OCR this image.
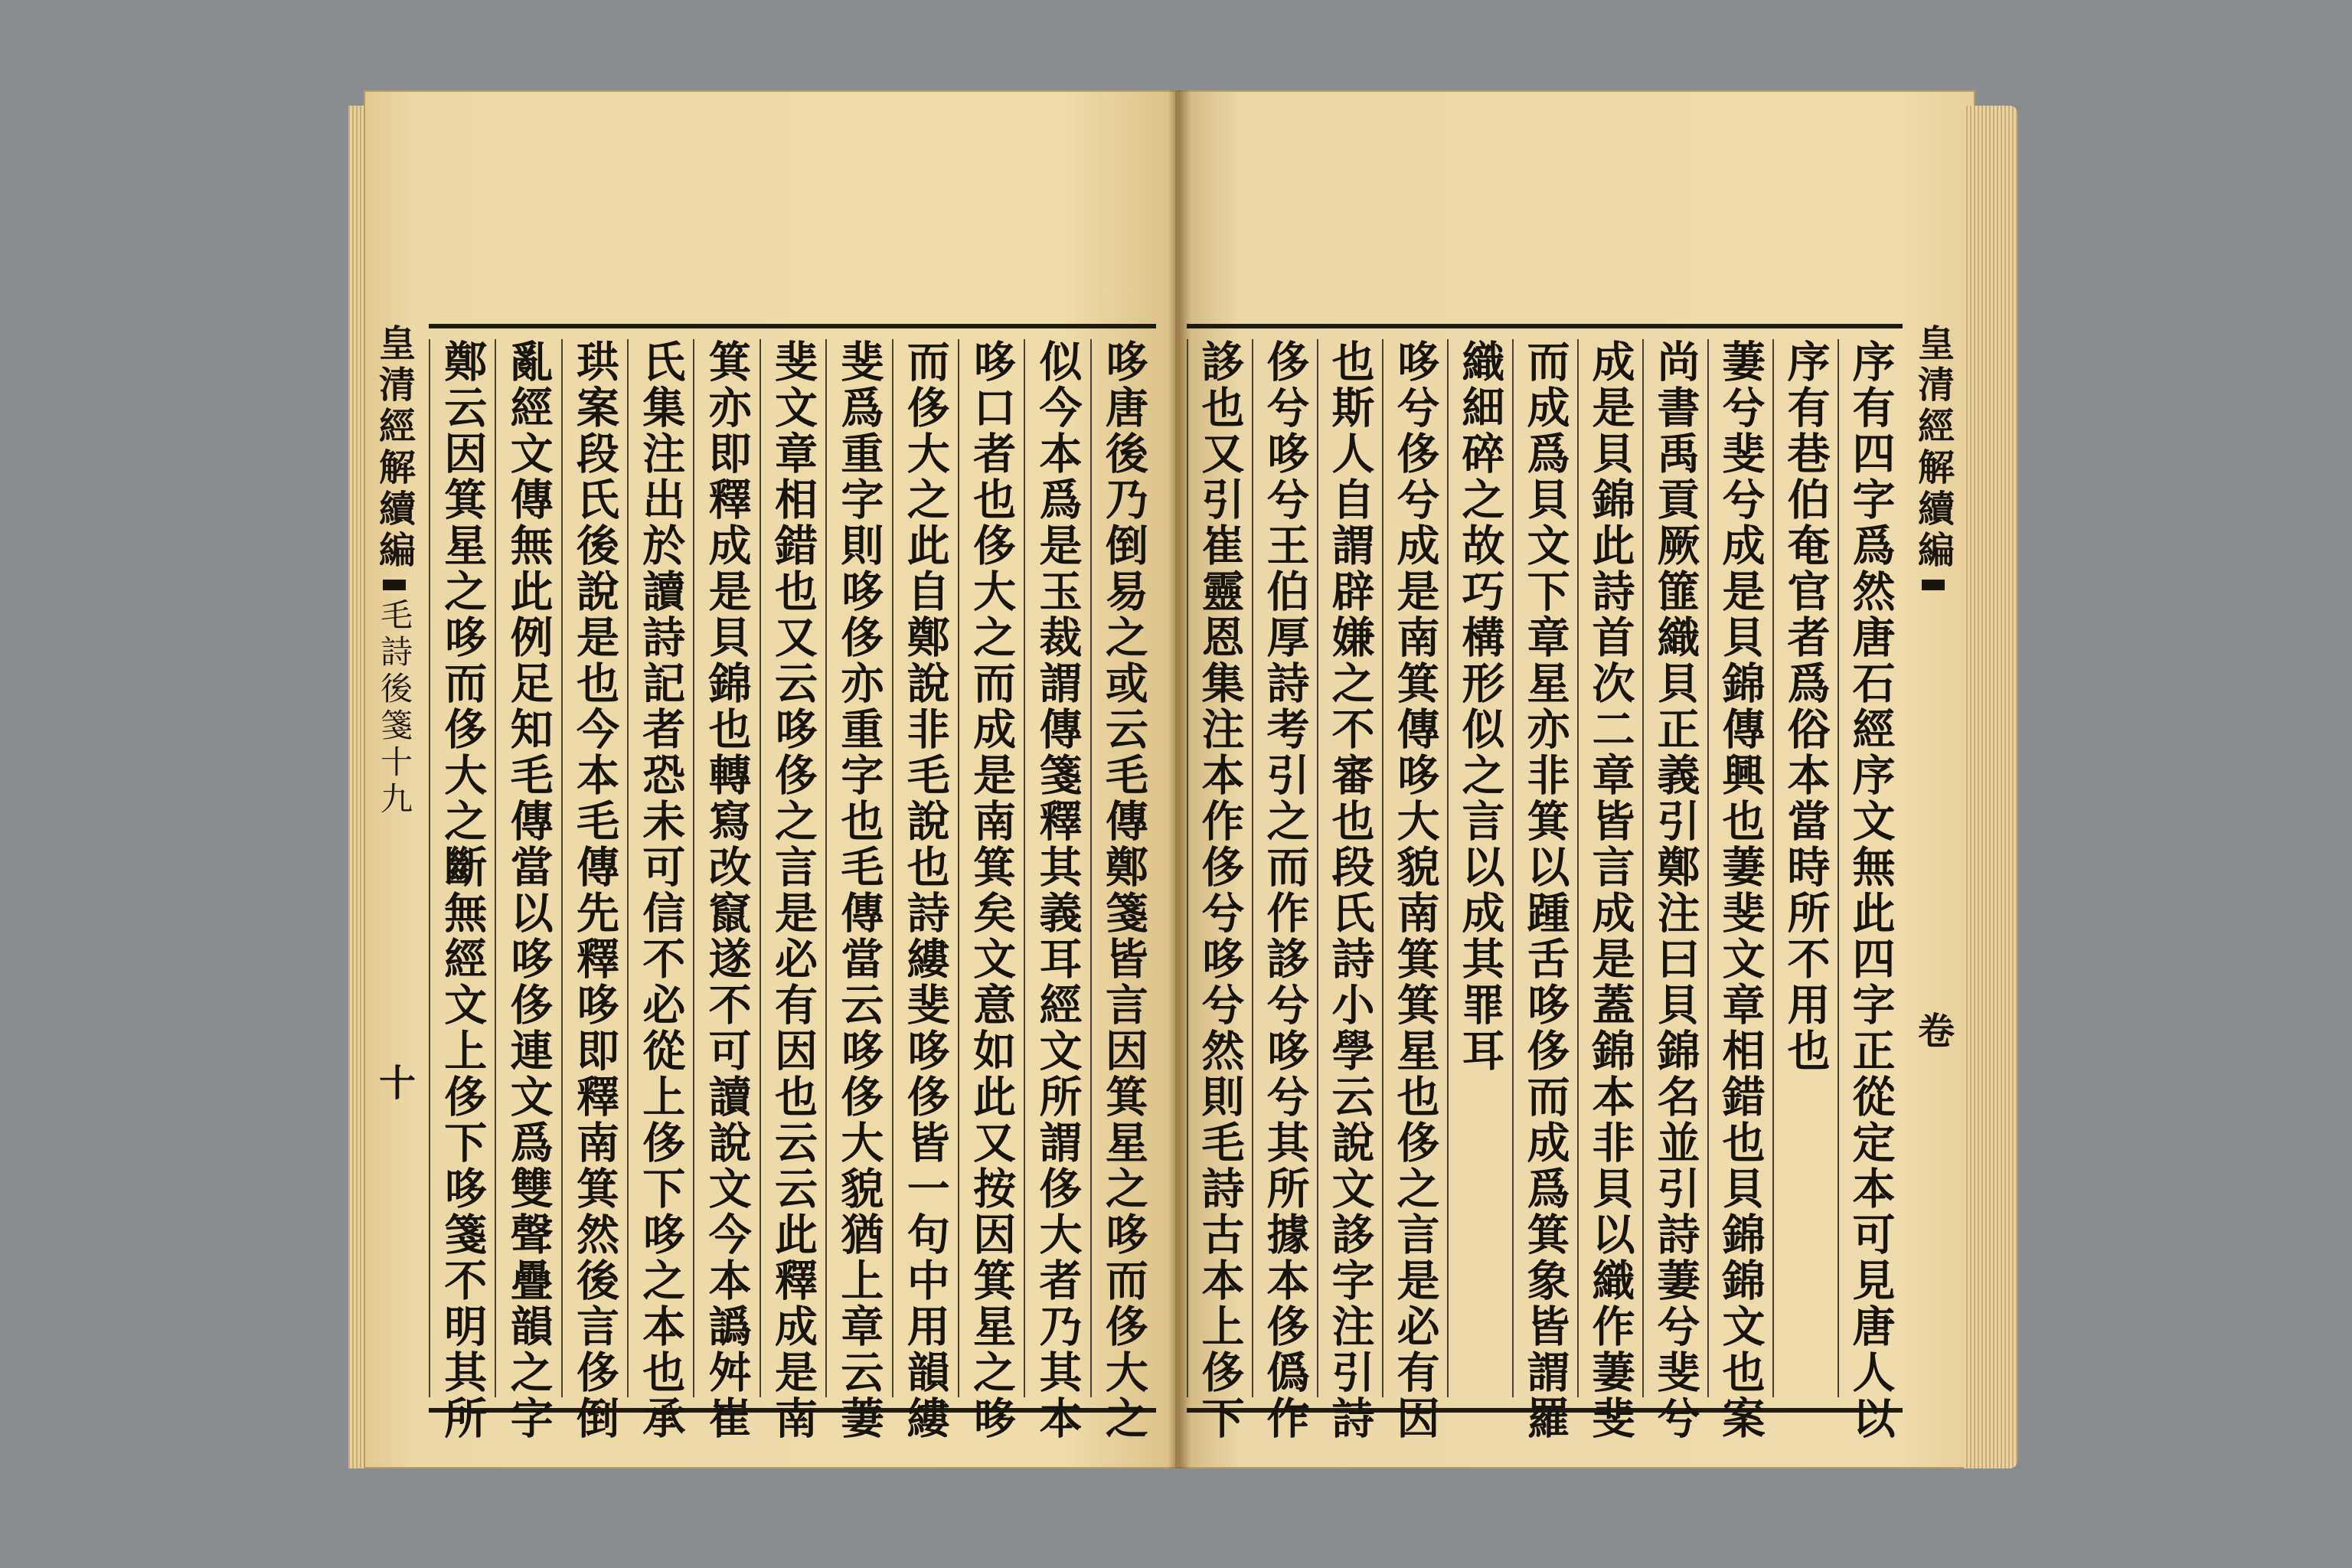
皇清經解續編
毛詩後箋十九
十	哆唐後乃倒易之或云毛傳鄭箋皆言因箕星之哆而侈大之
似今本爲是玉裁謂傳箋釋其義耳經文所謂侈大者乃其本
哆口者也侈大之而成是南箕矣文意如此又按因箕星之哆
而侈大之此自鄭說非毛說也詩縷斐哆侈皆一句中用韻縷
斐爲重字則哆侈亦重字也毛傳當云哆侈大貌猶上章云萋
斐文章相錯也又云哆侈之言是必有因也云云此釋成是南
箕亦即釋成是貝錦也轉寫改竄遂不可讀說文今本譌舛崔
氏集注出於讀詩記者恐未可信不必從上侈下哆之本也承
珙案段氏後說是也今本毛傳先釋哆即釋南箕然後言侈倒
亂經文傳無此例足知毛傳當以哆侈連文爲雙聲疊韻之字
鄭云因箕星之哆而侈大之斷無經文上侈下哆箋不明其所	序有四字爲然唐石經序文無此四字正從定本可見唐人以
序有巷伯奄官者爲俗本當時所不用也
萋兮斐兮成是貝錦傳興也萋斐文章相錯也貝錦錦文也案
尚書禹貢厥篚織貝正義引鄭注曰貝錦名並引詩萋兮斐兮
成是貝錦此詩首次二章皆言成是蓋錦本非貝以織作萋斐
而成爲貝文下章星亦非箕以踵舌哆侈而成爲箕象皆謂羅
織細碎之故巧構形似之言以成其罪耳
哆兮侈兮成是南箕傳哆大貌南箕箕星也侈之言是必有因
也斯人自謂辟嫌之不審也段氏詩小學云說文誃字注引詩
侈兮哆兮王伯厚詩考引之而作誃兮哆兮其所據本侈僞作
誃也又引崔靈恩集注本作侈兮哆兮然則毛詩古本上侈下	皇清經解續編
卷
